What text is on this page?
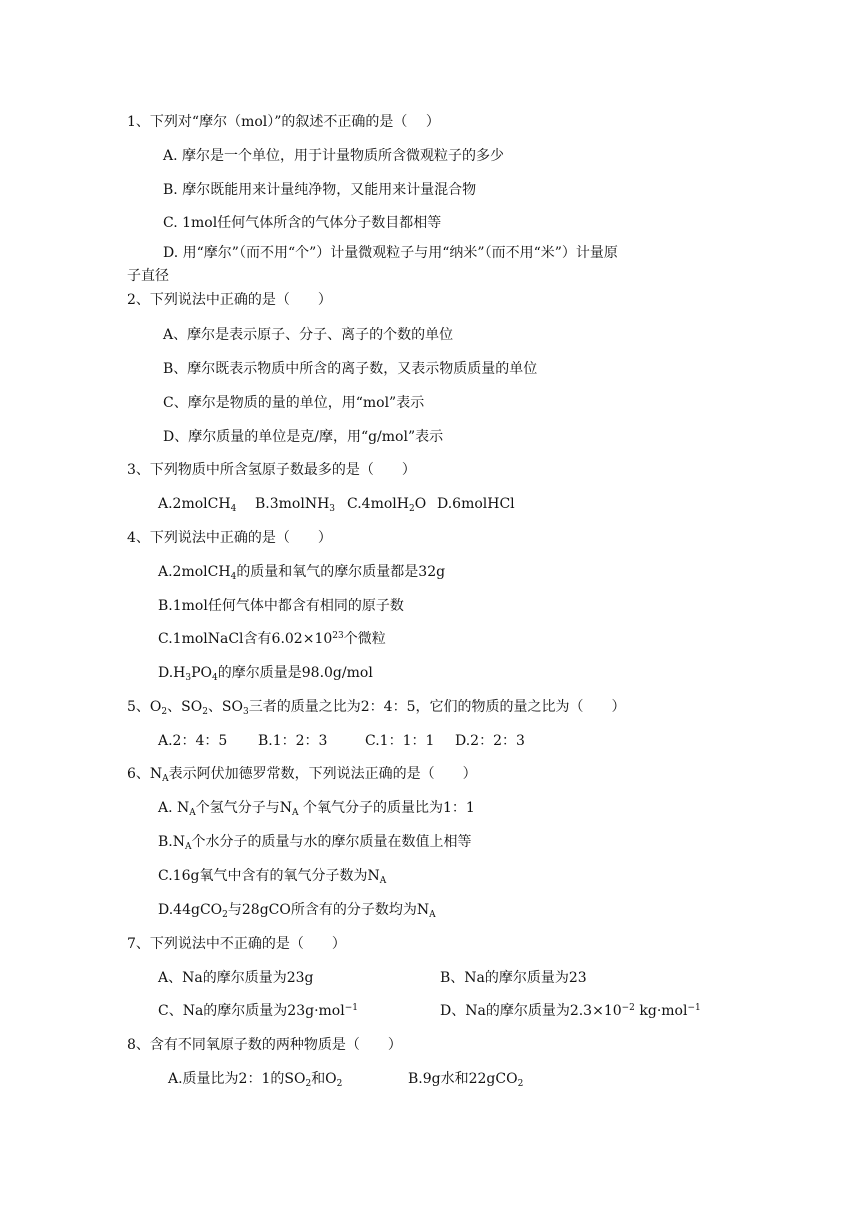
1、下列对“摩尔（mol）”的叙述不正确的是（　 ）
A. 摩尔是一个单位，用于计量物质所含微观粒子的多少
B. 摩尔既能用来计量纯净物，又能用来计量混合物
C. 1mol任何气体所含的气体分子数目都相等
D. 用“摩尔”（而不用“个”）计量微观粒子与用“纳米”（而不用“米”）计量原
子直径
2、下列说法中正确的是（　　）
A、摩尔是表示原子、分子、离子的个数的单位
B、摩尔既表示物质中所含的离子数，又表示物质质量的单位
C、摩尔是物质的量的单位，用“mol”表示
D、摩尔质量的单位是克/摩，用“g/mol”表示
3、下列物质中所含氢原子数最多的是（　　）
A.2molCH$_4$ B.3molNH$_3$ C.4molH$_2$O D.6molHCl
4、下列说法中正确的是（　　）
A.2molCH$_4$的质量和氧气的摩尔质量都是32g
B.1mol任何气体中都含有相同的原子数
C.1molNaCl含有$6.02\times 10^{23}$个微粒
$D.H_3PO_4$的摩尔质量是98.0g/mol
5、$O_2$、$SO_2$、$SO_3$三者的质量之比为2：4：5，它们的物质的量之比为（　　）
A.2：4：5 B.1：2：3	C.1：1：1 D.2：2：3
6、$N_A$表示阿伏加德罗常数，下列说法正确的是（　　）
A. $N_A$个氢气分子与$N_A$ 个氧气分子的质量比为1：1
$B.N_A$个水分子的质量与水的摩尔质量在数值上相等
C.16g氧气中含有的氧气分子数为$N_A$
D.44gCO$_2$与28gCO所含有的分子数均为$N_A$
7、下列说法中不正确的是（　　）
A、Na的摩尔质量为23g	B、Na的摩尔质量为23
C、Na的摩尔质量为23g·mol$^{-1}$	D、Na的摩尔质量为$2.3\times 10^{-2}$ kg·mol$^{-1}$
8、含有不同氧原子数的两种物质是（　　）
A.质量比为2：1的$SO_2$和$O_2$	B.9g水和22gCO$_2$
